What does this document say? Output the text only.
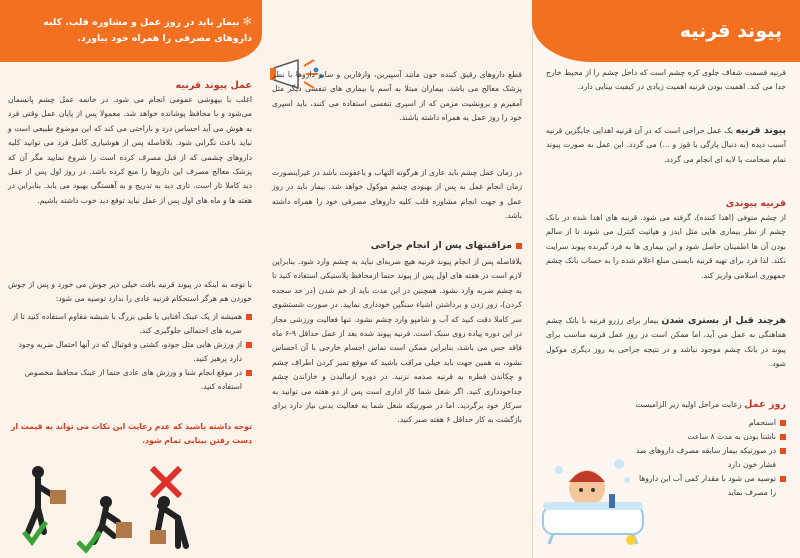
پیوند قرنیه
قرنیه قسمت شفاف جلوی کره چشم است که داخل چشم را از محیط خارج جدا می کند. اهمیت بودن قرنیه اهمیت زیادی در کیفیت بینایی دارد.
پیوند قرنیه یک عمل جراحی است که در آن قرنیه اهدایی جایگزین قرنیه آسیب دیده (به دنبال پارگی یا قوز و ...) می گردد. این عمل به صورت پیوند تمام ضخامت یا لایه ای انجام می گردد.
قرنیه پیوندی
از چشم متوفی (اهدا کننده)، گرفته می شود. قرنیه های اهدا شده در بانک چشم از نظر بیماری هایی مثل ایدز و هپاتیت کنترل می شوند تا از سالم بودن آن ها اطمینان حاصل شود و این بیماری ها به فرد گیرنده پیوند سرایت نکند. لذا فرد برای تهیه قرنیه بایستی مبلغ اعلام شده را به حساب بانک چشم جمهوری اسلامی واریز کند.
هرچند قبل از بستری شدن بیمار برای رزرو قرنیه با بانک چشم هماهنگی به عمل می آید، اما ممکن است در روز عمل قرنیه مناسب برای پیوند در بانک چشم موجود نباشد و در نتیجه جراحی به روز دیگری موکول شود.
روز عمل رعایت مراحل اولیه زیر الزامیست
استحمام
ناشتا بودن به مدت ۸ ساعت
در صورتیکه بیمار سابقه مصرف داروهای ضد فشار خون دارد
توصیه می شود با مقدار کمی آب این داروها را مصرف نماید
قطع داروهای رقیق کننده خون مانند آسپیرین، وارفارین و سایر داروها با نظر پزشک معالج می باشد. بیماران مبتلا به آسم یا بیماری های تنفسی دیگر مثل آمفیزم و برونشیت مزمن که از اسپری تنفسی استفاده می کنند، باید اسپری خود را روز عمل به همراه داشته باشند.
در زمان عمل چشم باید عاری از هرگونه التهاب و یاعفونت باشد در غیراینصورت زمان انجام عمل به پس از بهبودی چشم موکول خواهد شد. بیمار باید در روز عمل و جهت انجام مشاوره قلب کلیه داروهای مصرفی خود را همراه داشته باشد.
مراقبتهای پس از انجام جراحی
بلافاصله پس از انجام پیوند قرنیه هیچ ضربه‌ای نباید به چشم وارد شود. بنابراین لازم است در هفته های اول پس از پیوند حتما ازمحافظ پلاستیکی استفاده کنید تا به چشم ضربه وارد نشود. همچنین در این مدت باید از خم شدن (در حد سجده کردن)، زور زدن و برداشتن اشیاء سنگین خودداری نمایید. در صورت شستشوی سر کاملا دقت کنید که آب و شامپو وارد چشم نشود. تنها فعالیت ورزشی مجاز در این دوره پیاده روی سبک است. قرنیه پیوند شده بعد از عمل حداقل ۹-۶ ماه فاقد حس می باشد، بنابراین ممکن است تماس اجسام خارجی با آن احساس نشود، به همین جهت باید خیلی مراقب باشید که موقع تمیز کردن اطراف چشم و چکاندن قطره به قرنیه صدمه نزنید. در دوره ازمالیدن و خاراندن چشم جداخودداری کنید. اگر شغل شما کار اداری است پس از دو هفته می توانید به سرکار خود برگردید. اما در صورتیکه شغل شما به فعالیت بدنی نیاز دارد برای بازگشت به کار حداقل ۶ هفته صبر کنید.
✻ بیمار باید در روز عمل و مشاوره قلب. کلیه داروهای مصرفی را همراه خود بیاورد.
عمل پیوند قرنیه
اغلب با بیهوشی عمومی انجام می شود. در خاتمه عمل چشم پانسمان می‌شود و با محافظ پوشانده خواهد شد. معمولا پس از پایان عمل وقتی فرد به هوش می آید احساس درد و ناراحتی می کند که این موضوع طبیعی است و نباید باعث نگرانی شود. بلافاصله پس از هوشیاری کامل فرد می توانید کلیه داروهای چشمی که از قبل مصرف کرده است را شروع نمایید مگر آن که پزشک معالج مصرف این داروها را منع کرده باشد. در روز اول پس از عمل دید کاملا تار است. تاری دید به تدریج و به آهستگی بهبود می یابد. بنابراین در هفته ها و ماه های اول پس از عمل نباید توقع دید خوب داشته باشیم.
با توجه به اینکه در پیوند قرنیه بافت خیلی دیر جوش می خورد و پس از جوش خوردن هم هرگز استحکام قرنیه عادی را ندارد توصیه می شود:
همیشه از یک عینک آفتابی یا طبی بزرگ با شیشه مقاوم استفاده کنید تا از ضربه های احتمالی جلوگیری کند.
از ورزش هایی مثل جودو، کشتی و فوتبال که در آنها احتمال ضربه وجود دارد پرهیز کنید.
در موقع انجام شنا و ورزش های عادی حتما از عینک محافظ مخصوص استفاده کنید.
توجه داشته باشید که عدم رعایت این نکات می تواند به قیمت از دست رفتن بینایی تمام شود.
